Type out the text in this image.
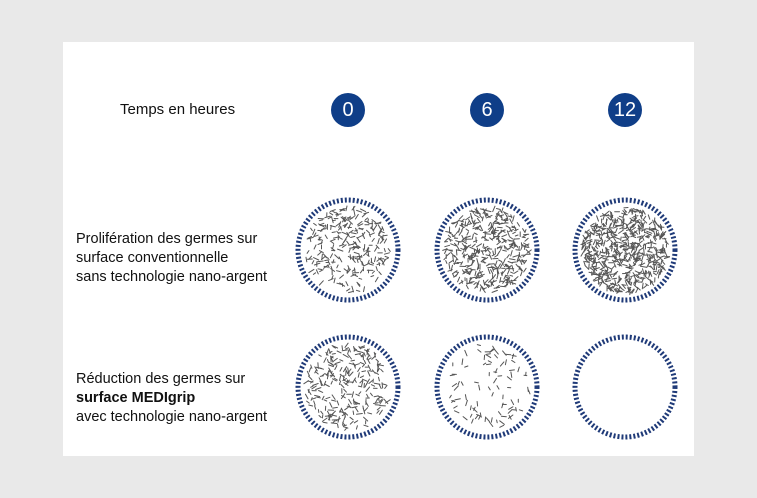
Temps en heures	0	6	12
Prolifération des germes sur
surface conventionnelle
sans technologie nano-argent
Réduction des germes sur
surface MEDIgrip
avec technologie nano-argent
